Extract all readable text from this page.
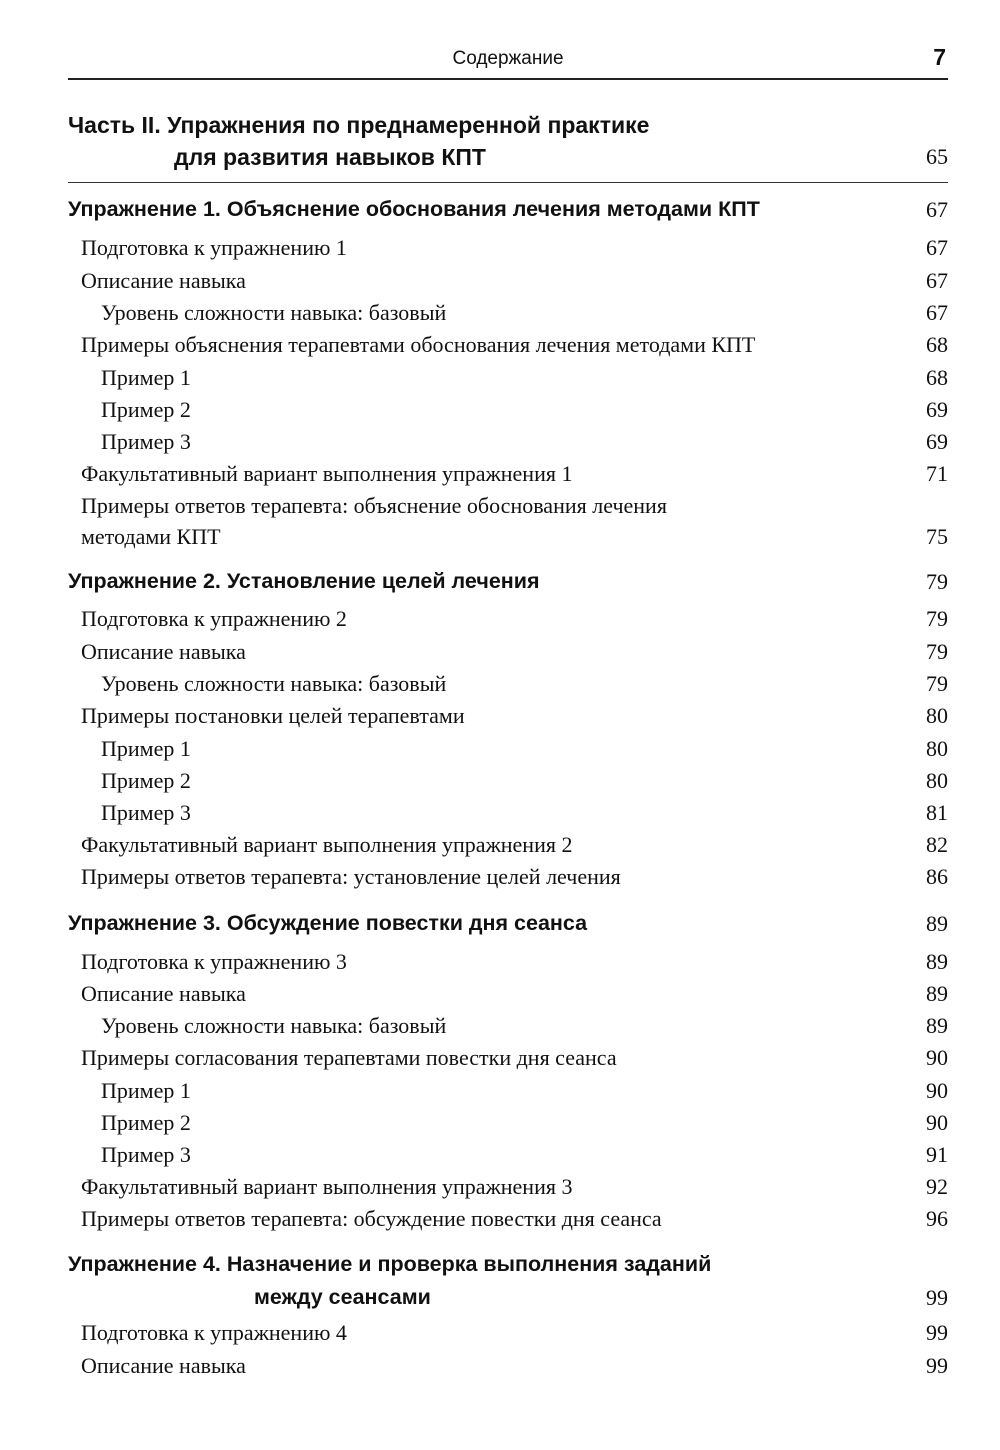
Содержание	7
Часть II. Упражнения по преднамеренной практике
для развития навыков КПТ	65
Упражнение 1. Объяснение обоснования лечения методами КПТ	67
Подготовка к упражнению 1	67
Описание навыка	67
Уровень сложности навыка: базовый	67
Примеры объяснения терапевтами обоснования лечения методами КПТ	68
Пример 1	68
Пример 2	69
Пример 3	69
Факультативный вариант выполнения упражнения 1	71
Примеры ответов терапевта: объяснение обоснования лечения
методами КПТ	75
Упражнение 2. Установление целей лечения	79
Подготовка к упражнению 2	79
Описание навыка	79
Уровень сложности навыка: базовый	79
Примеры постановки целей терапевтами	80
Пример 1	80
Пример 2	80
Пример 3	81
Факультативный вариант выполнения упражнения 2	82
Примеры ответов терапевта: установление целей лечения	86
Упражнение 3. Обсуждение повестки дня сеанса	89
Подготовка к упражнению 3	89
Описание навыка	89
Уровень сложности навыка: базовый	89
Примеры согласования терапевтами повестки дня сеанса	90
Пример 1	90
Пример 2	90
Пример 3	91
Факультативный вариант выполнения упражнения 3	92
Примеры ответов терапевта: обсуждение повестки дня сеанса	96
Упражнение 4. Назначение и проверка выполнения заданий
между сеансами	99
Подготовка к упражнению 4	99
Описание навыка	99
